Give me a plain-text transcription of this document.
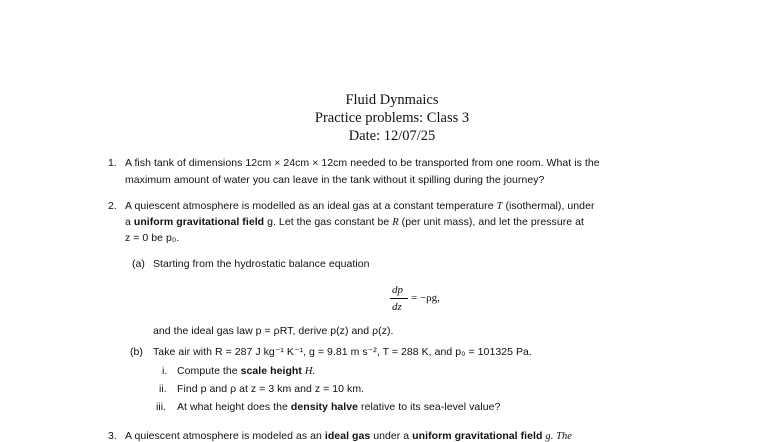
Fluid Dynmaics
Practice problems: Class 3
Date: 12/07/25
1. A fish tank of dimensions 12cm × 24cm × 12cm needed to be transported from one room. What is the
maximum amount of water you can leave in the tank without it spilling during the journey?
2. A quiescent atmosphere is modelled as an ideal gas at a constant temperature T (isothermal), under
a uniform gravitational field g. Let the gas constant be R (per unit mass), and let the pressure at
z = 0 be p₀.
(a) Starting from the hydrostatic balance equation
dp
dz
= −ρg,
and the ideal gas law p = ρRT, derive p(z) and ρ(z).
(b) Take air with R = 287 J kg⁻¹ K⁻¹, g = 9.81 m s⁻², T = 288 K, and p₀ = 101325 Pa.
i. Compute the scale height H.
ii. Find p and ρ at z = 3 km and z = 10 km.
iii. At what height does the density halve relative to its sea-level value?
3. A quiescent atmosphere is modeled as an ideal gas under a uniform gravitational field g. The
